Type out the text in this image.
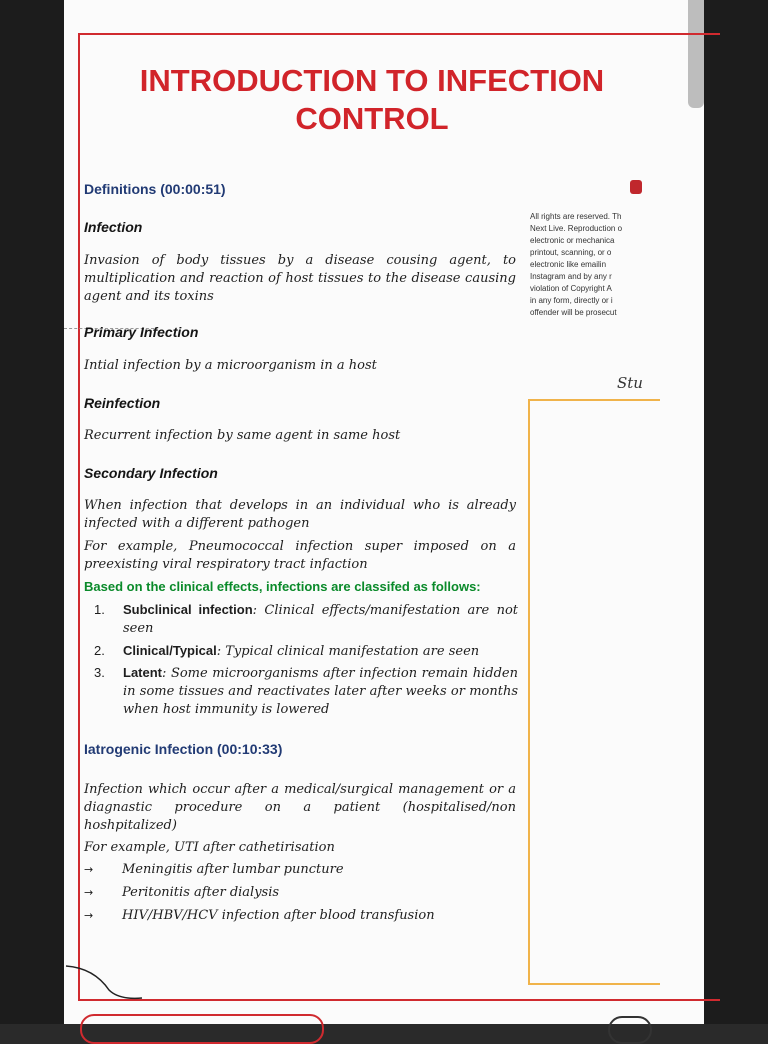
INTRODUCTION TO INFECTION
CONTROL
Definitions (00:00:51)
Infection
Invasion of body tissues by a disease cousing agent, to multiplication and reaction of host tissues to the disease causing agent and its toxins
Primary Infection
Intial infection by a microorganism in a host
Reinfection
Recurrent infection by same agent in same host
Secondary Infection
When infection that develops in an individual who is already infected with a different pathogen
For example, Pneumococcal infection super imposed on a preexisting viral respiratory tract infaction
Based on the clinical effects, infections are classifed as follows:
1. Subclinical infection: Clinical effects/manifestation are not seen
2. Clinical/Typical: Typical clinical manifestation are seen
3. Latent: Some microorganisms after infection remain hidden in some tissues and reactivates later after weeks or months when host immunity is lowered
Iatrogenic Infection (00:10:33)
Infection which occur after a medical/surgical management or a diagnastic procedure on a patient (hospitalised/non hoshpitalized)
For example, UTI after cathetirisation
→ Meningitis after lumbar puncture
→ Peritonitis after dialysis
→ HIV/HBV/HCV infection after blood transfusion
All rights are reserved. Th
Next Live. Reproduction o
electronic or mechanica
printout, scanning, or o
electronic like emailin
Instagram and by any r
violation of Copyright A
in any form, directly or i
offender will be prosecut
Stu
